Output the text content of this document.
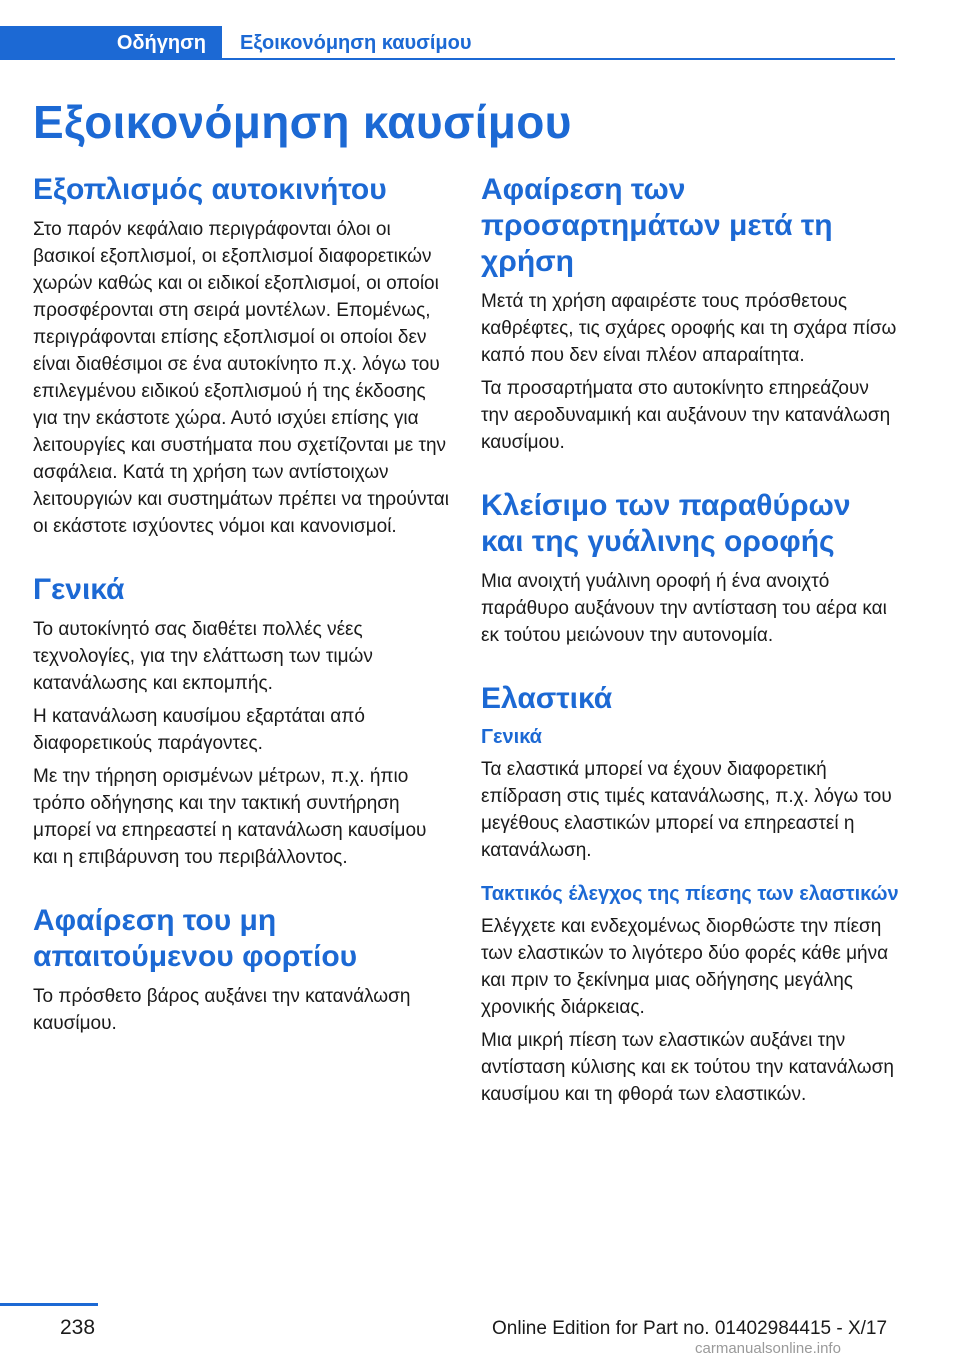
Οδήγηση Εξοικονόμηση καυσίμου
Εξοικονόμηση καυσίμου
Εξοπλισμός αυτοκινήτου

Στο παρόν κεφάλαιο περιγράφονται όλοι οι βασικοί εξοπλισμοί, οι εξοπλισμοί διαφορετικών χωρών καθώς και οι ειδικοί εξοπλισμοί, οι οποίοι προσφέρονται στη σειρά μοντέλων. Επομένως, περιγράφονται επίσης εξοπλισμοί οι οποίοι δεν είναι διαθέσιμοι σε ένα αυτοκίνητο π.χ. λόγω του επιλεγμένου ειδικού εξοπλισμού ή της έκδοσης για την εκάστοτε χώρα. Αυτό ισχύει επίσης για λειτουργίες και συστήματα που σχετίζονται με την ασφάλεια. Κατά τη χρήση των αντίστοιχων λειτουργιών και συστημάτων πρέπει να τηρούνται οι εκάστοτε ισχύοντες νόμοι και κανονισμοί.

Γενικά

Το αυτοκίνητό σας διαθέτει πολλές νέες τεχνολογίες, για την ελάττωση των τιμών κατανάλωσης και εκπομπής.

Η κατανάλωση καυσίμου εξαρτάται από διαφορετικούς παράγοντες.

Με την τήρηση ορισμένων μέτρων, π.χ. ήπιο τρόπο οδήγησης και την τακτική συντήρηση μπορεί να επηρεαστεί η κατανάλωση καυσίμου και η επιβάρυνση του περιβάλλοντος.

Αφαίρεση του μη απαιτούμενου φορτίου

Το πρόσθετο βάρος αυξάνει την κατανάλωση καυσίμου.

Αφαίρεση των προσαρτημάτων μετά τη χρήση

Μετά τη χρήση αφαιρέστε τους πρόσθετους καθρέφτες, τις σχάρες οροφής και τη σχάρα πίσω καπό που δεν είναι πλέον απαραίτητα.

Τα προσαρτήματα στο αυτοκίνητο επηρεάζουν την αεροδυναμική και αυξάνουν την κατανάλωση καυσίμου.

Κλείσιμο των παραθύρων και της γυάλινης οροφής

Μια ανοιχτή γυάλινη οροφή ή ένα ανοιχτό παράθυρο αυξάνουν την αντίσταση του αέρα και εκ τούτου μειώνουν την αυτονομία.

Ελαστικά
Γενικά

Τα ελαστικά μπορεί να έχουν διαφορετική επίδραση στις τιμές κατανάλωσης, π.χ. λόγω του μεγέθους ελαστικών μπορεί να επηρεαστεί η κατανάλωση.

Τακτικός έλεγχος της πίεσης των ελαστικών

Ελέγχετε και ενδεχομένως διορθώστε την πίεση των ελαστικών το λιγότερο δύο φορές κάθε μήνα και πριν το ξεκίνημα μιας οδήγησης μεγάλης χρονικής διάρκειας.

Μια μικρή πίεση των ελαστικών αυξάνει την αντίσταση κύλισης και εκ τούτου την κατανάλωση καυσίμου και τη φθορά των ελαστικών.

238	Online Edition for Part no. 01402984415 - X/17
carmanualsonline.info
